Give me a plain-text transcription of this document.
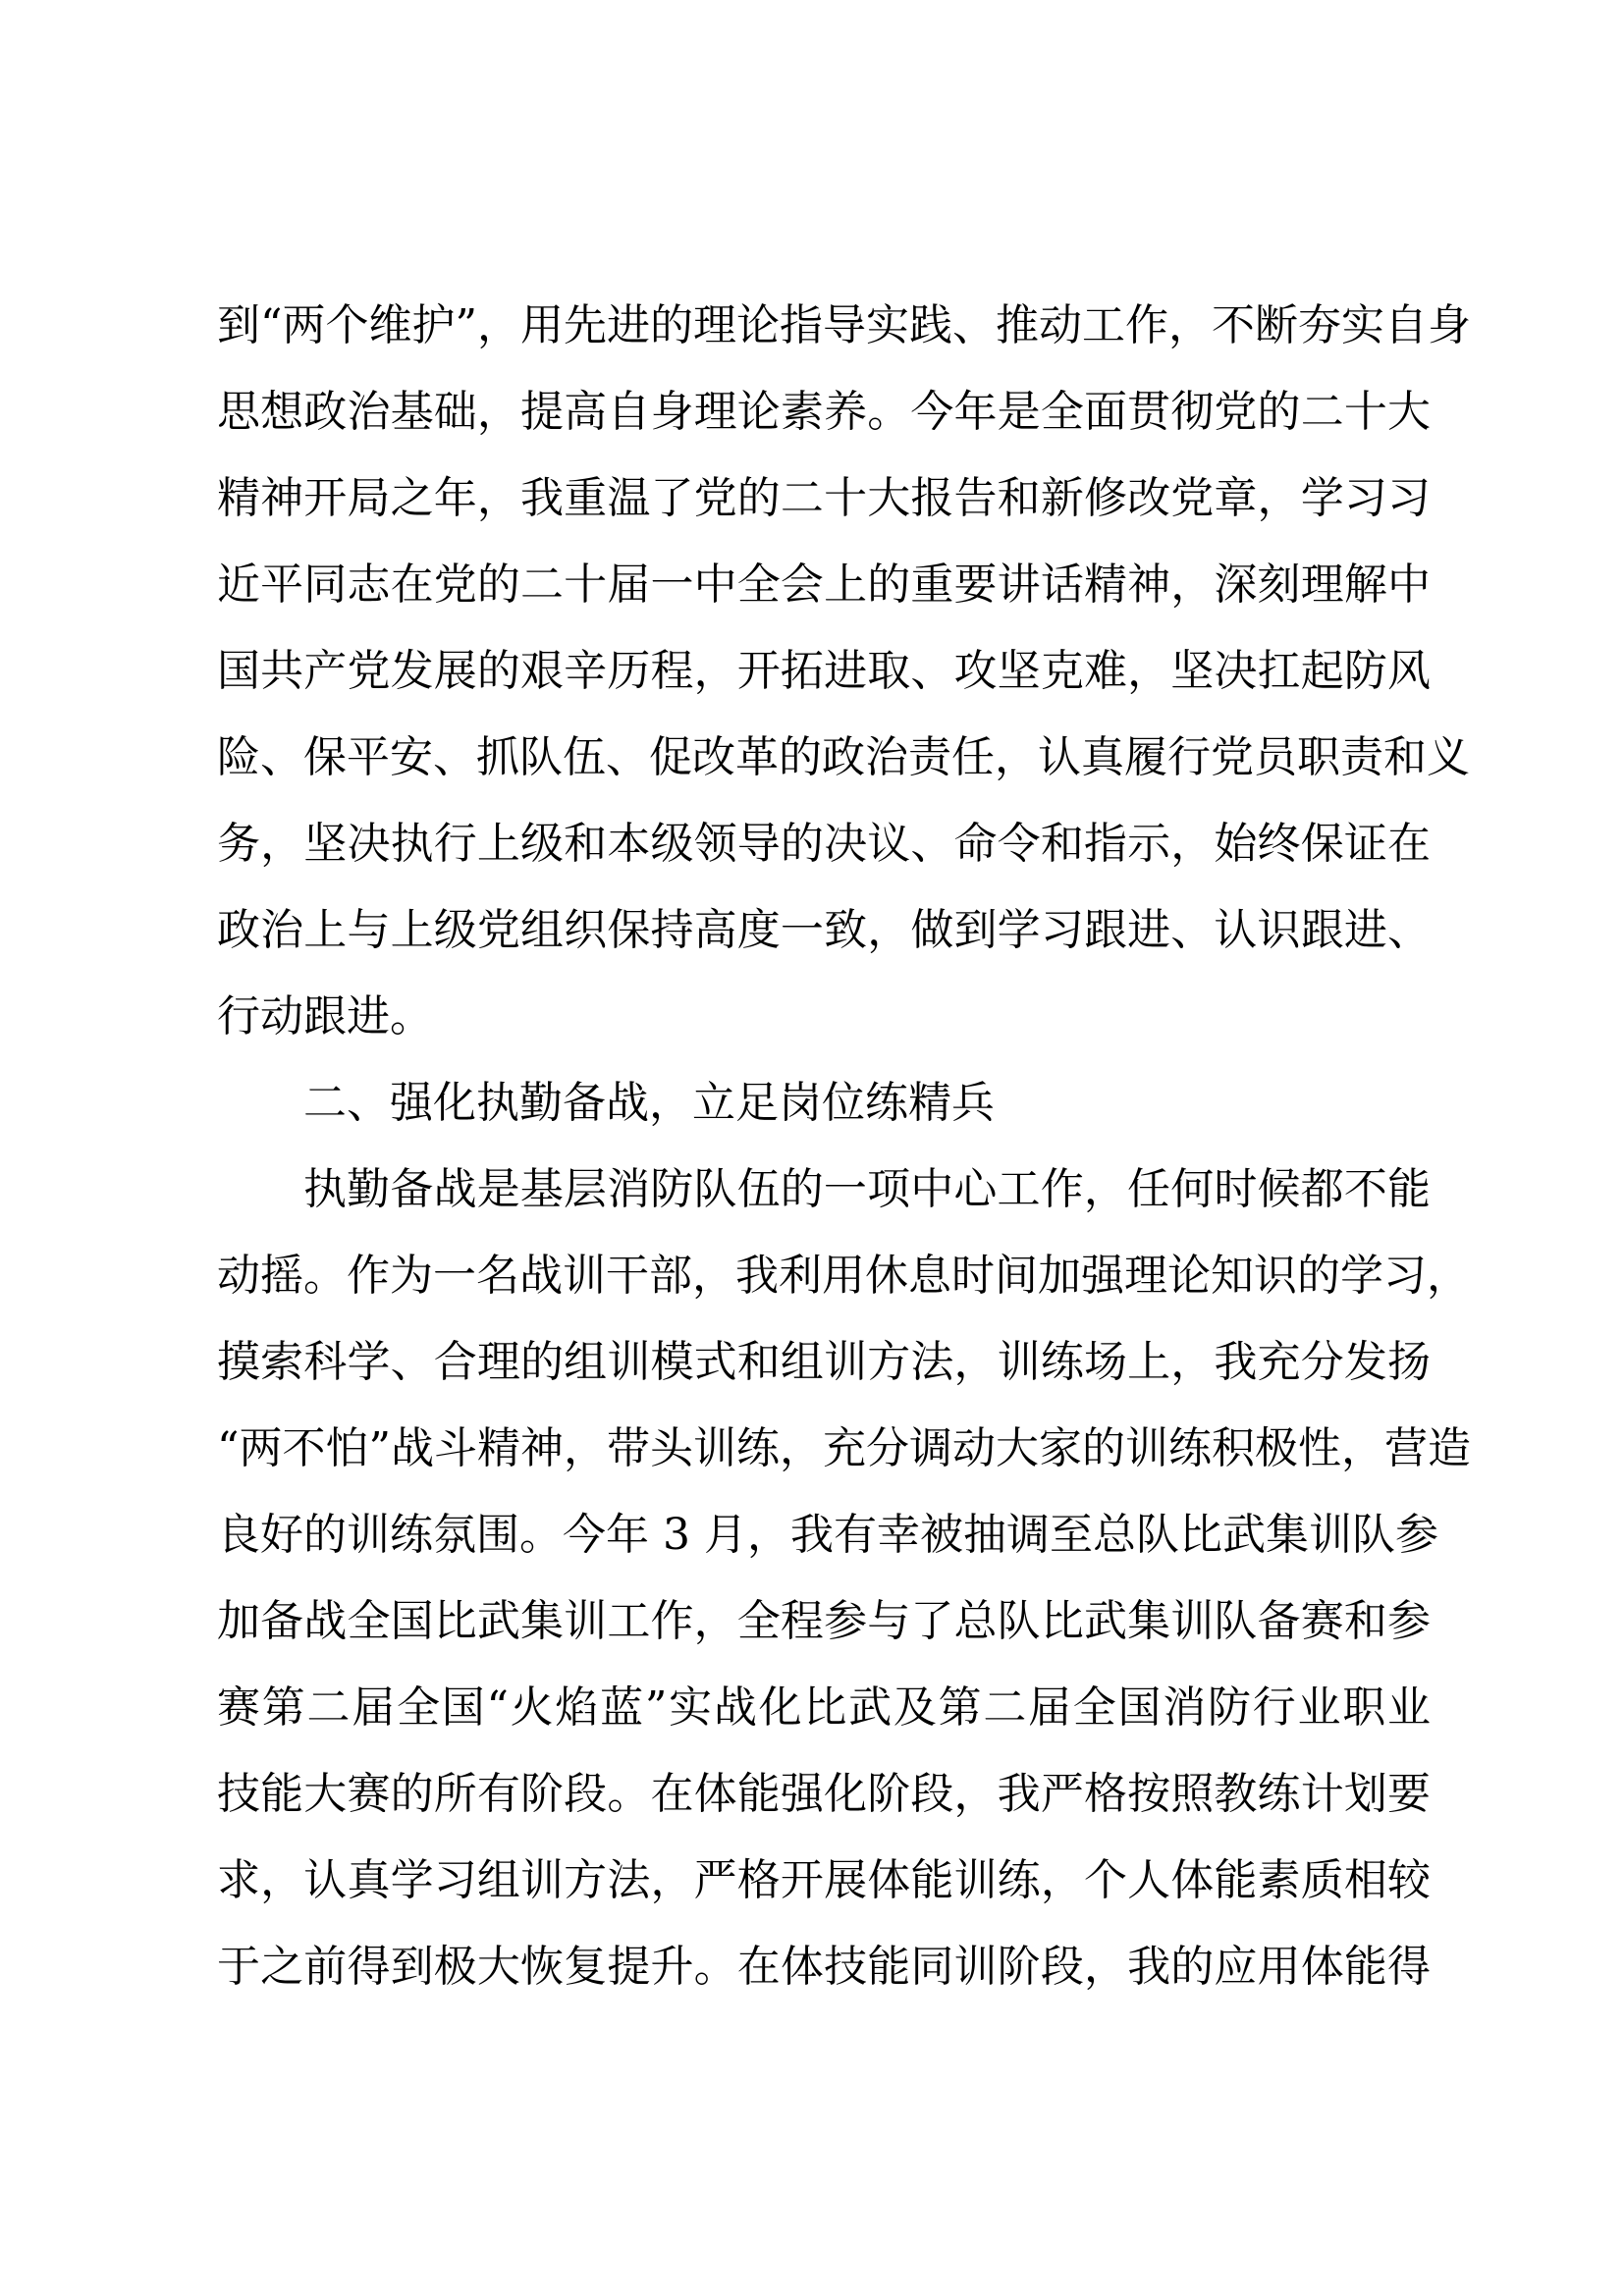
到“两个维护”，用先进的理论指导实践、推动工作，不断夯实自身
思想政治基础，提高自身理论素养。今年是全面贯彻党的二十大
精神开局之年，我重温了党的二十大报告和新修改党章，学习习
近平同志在党的二十届一中全会上的重要讲话精神，深刻理解中
国共产党发展的艰辛历程，开拓进取、攻坚克难，坚决扛起防风
险、保平安、抓队伍、促改革的政治责任，认真履行党员职责和义
务，坚决执行上级和本级领导的决议、命令和指示，始终保证在
政治上与上级党组织保持高度一致，做到学习跟进、认识跟进、
行动跟进。
二、强化执勤备战，立足岗位练精兵
执勤备战是基层消防队伍的一项中心工作，任何时候都不能
动摇。作为一名战训干部，我利用休息时间加强理论知识的学习，
摸索科学、合理的组训模式和组训方法，训练场上，我充分发扬
“两不怕”战斗精神，带头训练，充分调动大家的训练积极性，营造
良好的训练氛围。今年 3 月，我有幸被抽调至总队比武集训队参
加备战全国比武集训工作，全程参与了总队比武集训队备赛和参
赛第二届全国“火焰蓝”实战化比武及第二届全国消防行业职业
技能大赛的所有阶段。在体能强化阶段，我严格按照教练计划要
求，认真学习组训方法，严格开展体能训练，个人体能素质相较
于之前得到极大恢复提升。在体技能同训阶段，我的应用体能得
